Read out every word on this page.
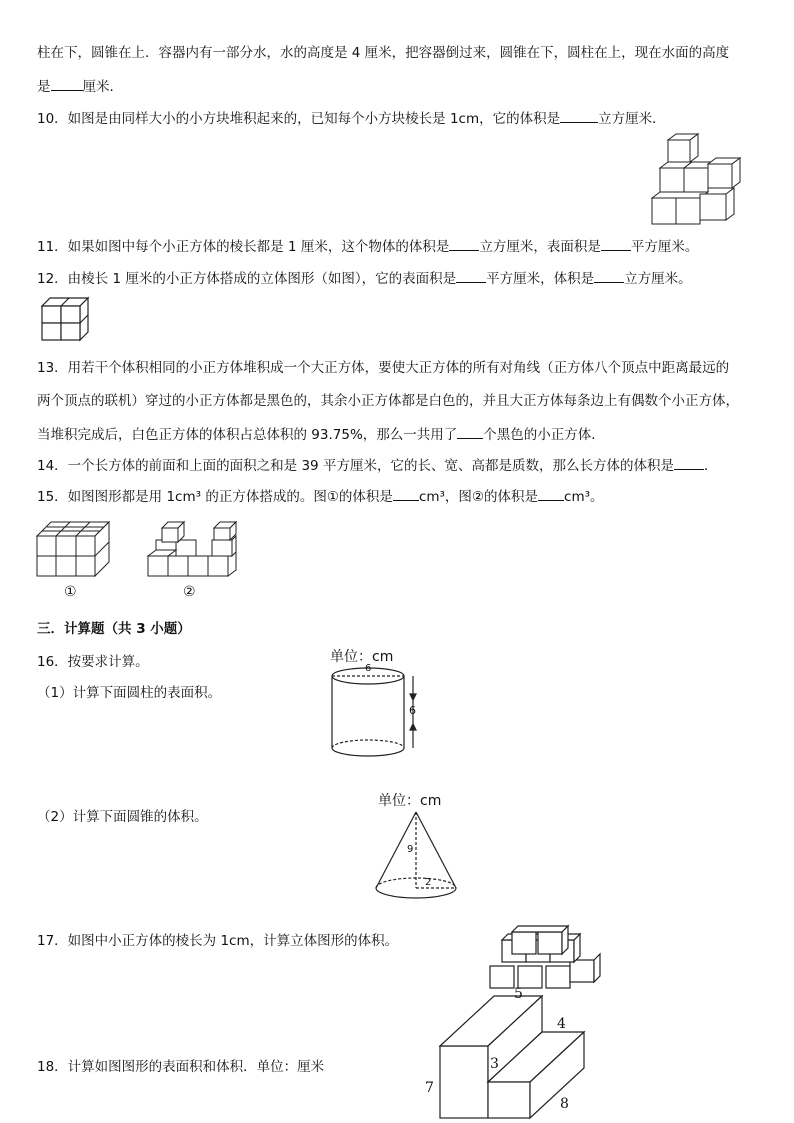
柱在下，圆锥在上．容器内有一部分水，水的高度是 4 厘米，把容器倒过来，圆锥在下，圆柱在上，现在水面的高度
是 厘米．
10．如图是由同样大小的小方块堆积起来的，已知每个小方块棱长是 1cm，它的体积是	立方厘米．
11．如果如图中每个小正方体的棱长都是 1 厘米，这个物体的体积是 立方厘米，表面积是 平方厘米。
12．由棱长 1 厘米的小正方体搭成的立体图形（如图），它的表面积是 平方厘米，体积是 立方厘米。
13．用若干个体积相同的小正方体堆积成一个大正方体，要使大正方体的所有对角线（正方体八个顶点中距离最远的
两个顶点的联机）穿过的小正方体都是黑色的，其余小正方体都是白色的，并且大正方体每条边上有偶数个小正方体，
当堆积完成后，白色正方体的体积占总体积的 93.75%，那么一共用了 个黑色的小正方体．
14．一个长方体的前面和上面的面积之和是 39 平方厘米，它的长、宽、高都是质数，那么长方体的体积是 ．
15．如图图形都是用 1cm³ 的正方体搭成的。图①的体积是 cm³，图②的体积是 cm³。
三．计算题（共 3 小题）
16．按要求计算。
（1）计算下面圆柱的表面积。
（2）计算下面圆锥的体积。
17．如图中小正方体的棱长为 1cm，计算立体图形的体积。
18．计算如图图形的表面积和体积．单位：厘米
①	②
单位：cm
6
6
单位：cm
9
2
5
4
3
7
8
